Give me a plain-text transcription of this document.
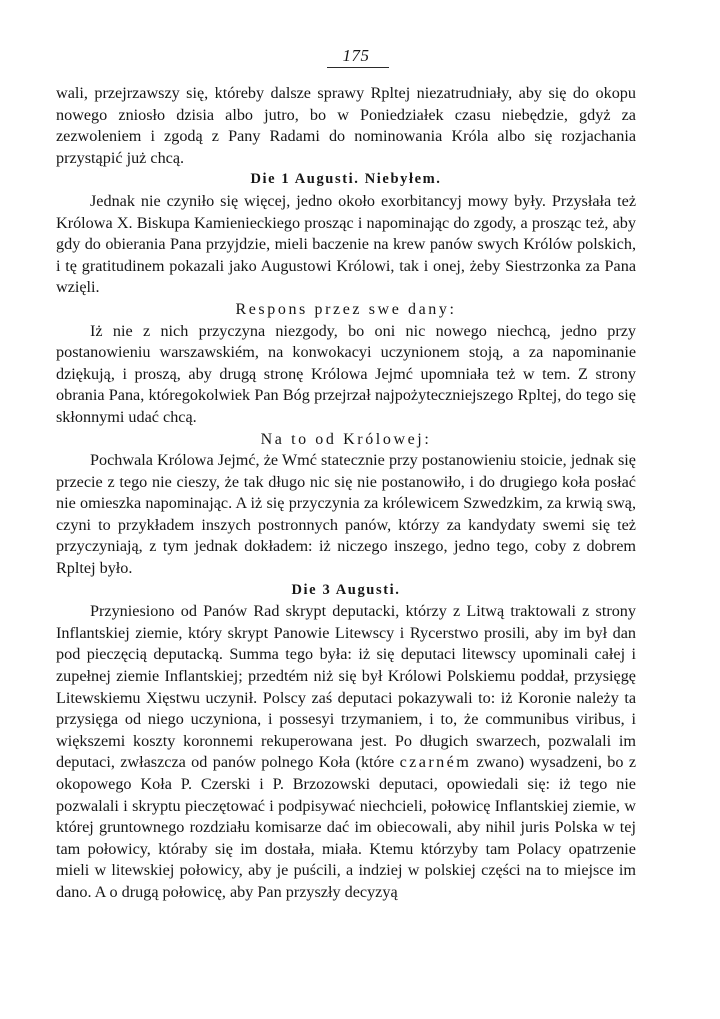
175

wali, przejrzawszy się, któreby dalsze sprawy Rpltej niezatrudniały, aby się do okopu nowego zniosło dzisia albo jutro, bo w Poniedziałek czasu niebędzie, gdyż za zezwoleniem i zgodą z Pany Radami do nominowania Króla albo się rozjachania przystąpić już chcą.

Die 1 Augusti. Niebyłem.

Jednak nie czyniło się więcej, jedno około exorbitancyj mowy były. Przysłała też Królowa X. Biskupa Kamienieckiego prosząc i napominając do zgody, a prosząc też, aby gdy do obierania Pana przyjdzie, mieli baczenie na krew panów swych Królów polskich, i tę gratitudinem pokazali jako Augustowi Królowi, tak i onej, żeby Siestrzonka za Pana wzięli.

Respons przez swe dany:

Iż nie z nich przyczyna niezgody, bo oni nic nowego niechcą, jedno przy postanowieniu warszawskiém, na konwokacyi uczynionem stoją, a za napominanie dziękują, i proszą, aby drugą stronę Królowa Jejmć upomniała też w tem. Z strony obrania Pana, któregokolwiek Pan Bóg przejrzał najpożyteczniejszego Rpltej, do tego się skłonnymi udać chcą.

Na to od Królowej:

Pochwala Królowa Jejmć, że Wmć statecznie przy postanowieniu stoicie, jednak się przecie z tego nie cieszy, że tak długo nic się nie postanowiło, i do drugiego koła posłać nie omieszka napominając. A iż się przyczynia za królewicem Szwedzkim, za krwią swą, czyni to przykładem inszych postronnych panów, którzy za kandydaty swemi się też przyczyniają, z tym jednak dokładem: iż niczego inszego, jedno tego, coby z dobrem Rpltej było.

Die 3 Augusti.

Przyniesiono od Panów Rad skrypt deputacki, którzy z Litwą traktowali z strony Inflantskiej ziemie, który skrypt Panowie Litewscy i Rycerstwo prosili, aby im był dan pod pieczęcią deputacką. Summa tego była: iż się deputaci litewscy upominali całej i zupełnej ziemie Inflantskiej; przedtém niż się był Królowi Polskiemu poddał, przysięgę Litewskiemu Xięstwu uczynił. Polscy zaś deputaci pokazywali to: iż Koronie należy ta przysięga od niego uczyniona, i possesyi trzymaniem, i to, że communibus viribus, i większemi koszty koronnemi rekuperowana jest. Po długich swarzech, pozwalali im deputaci, zwłaszcza od panów polnego Koła (które czarném zwano) wysadzeni, bo z okopowego Koła P. Czerski i P. Brzozowski deputaci, opowiedali się: iż tego nie pozwalali i skryptu pieczętować i podpisywać niechcieli, połowicę Inflantskiej ziemie, w której gruntownego rozdziału komisarze dać im obiecowali, aby nihil juris Polska w tej tam połowicy, któraby się im dostała, miała. Ktemu którzyby tam Polacy opatrzenie mieli w litewskiej połowicy, aby je puścili, a indziej w polskiej części na to miejsce im dano. A o drugą połowicę, aby Pan przyszły decyzyą
